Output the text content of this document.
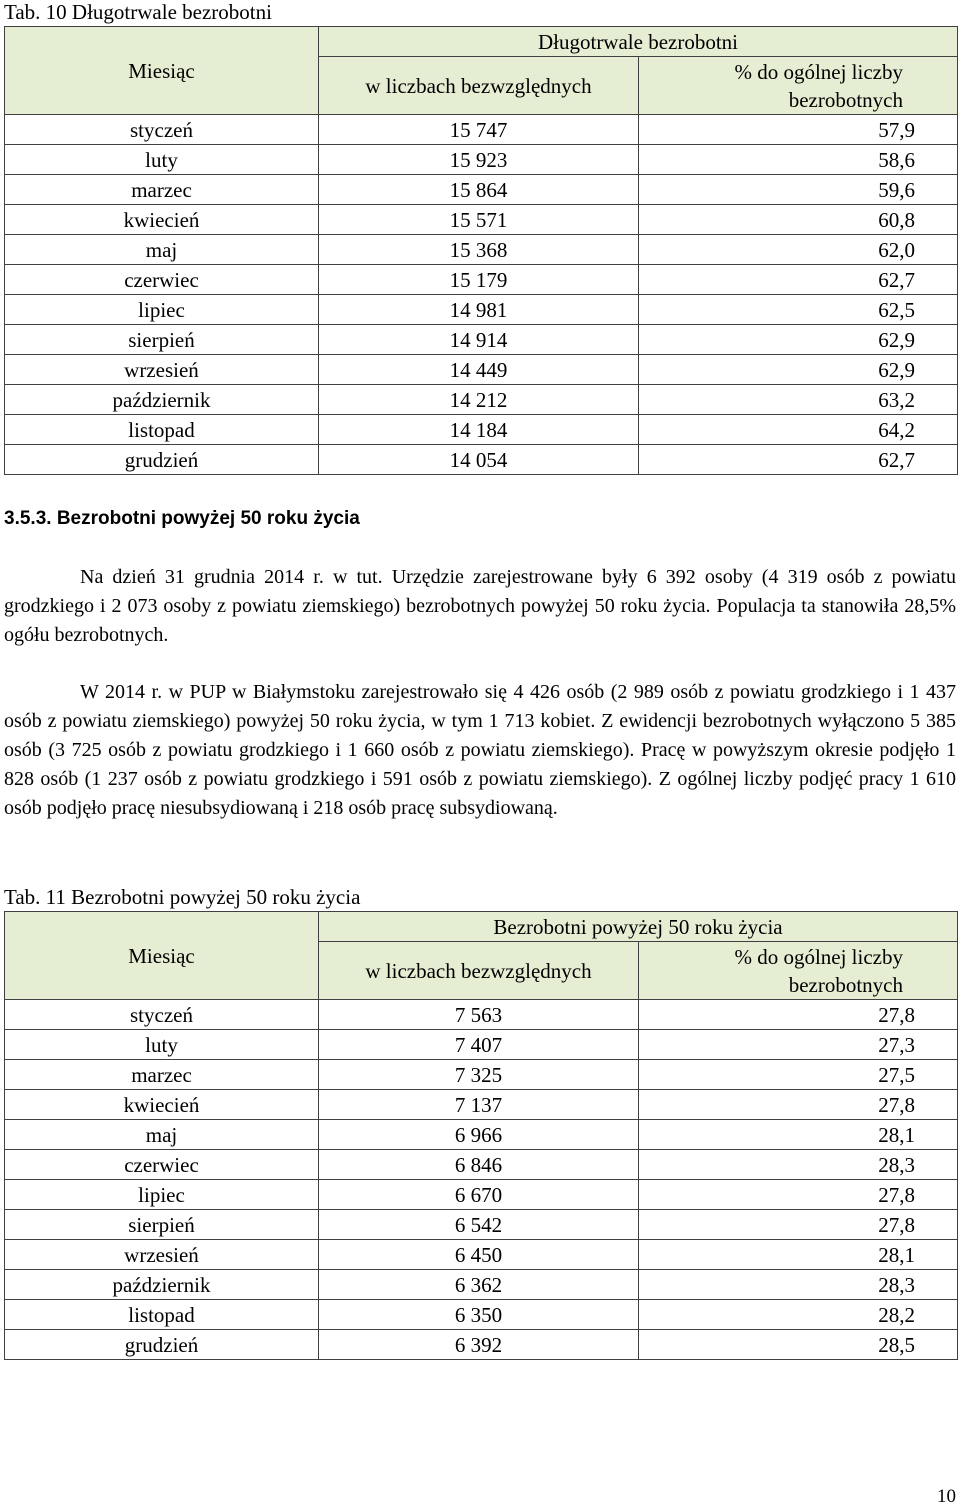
Tab. 10 Długotrwale bezrobotni
Miesiąc	Długotrwale bezrobotni	
	w liczbach bezwzględnych	% do ogólnej liczby bezrobotnych
styczeń	15 747	57,9
luty	15 923	58,6
marzec	15 864	59,6
kwiecień	15 571	60,8
maj	15 368	62,0
czerwiec	15 179	62,7
lipiec	14 981	62,5
sierpień	14 914	62,9
wrzesień	14 449	62,9
październik	14 212	63,2
listopad	14 184	64,2
grudzień	14 054	62,7
3.5.3. Bezrobotni powyżej 50 roku życia

Na dzień 31 grudnia 2014 r. w tut. Urzędzie zarejestrowane były 6 392 osoby (4 319 osób z powiatu grodzkiego i 2 073 osoby z powiatu ziemskiego) bezrobotnych powyżej 50 roku życia. Populacja ta stanowiła 28,5% ogółu bezrobotnych.

W 2014 r. w PUP w Białymstoku zarejestrowało się 4 426 osób (2 989 osób z powiatu grodzkiego i 1 437 osób z powiatu ziemskiego) powyżej 50 roku życia, w tym 1 713 kobiet. Z ewidencji bezrobotnych wyłączono 5 385 osób (3 725 osób z powiatu grodzkiego i 1 660 osób z powiatu ziemskiego). Pracę w powyższym okresie podjęło 1 828 osób (1 237 osób z powiatu grodzkiego i 591 osób z powiatu ziemskiego). Z ogólnej liczby podjęć pracy 1 610 osób podjęło pracę niesubsydiowaną i 218 osób pracę subsydiowaną.

Tab. 11 Bezrobotni powyżej 50 roku życia
Miesiąc	Bezrobotni powyżej 50 roku życia	
	w liczbach bezwzględnych	% do ogólnej liczby bezrobotnych
styczeń	7 563	27,8
luty	7 407	27,3
marzec	7 325	27,5
kwiecień	7 137	27,8
maj	6 966	28,1
czerwiec	6 846	28,3
lipiec	6 670	27,8
sierpień	6 542	27,8
wrzesień	6 450	28,1
październik	6 362	28,3
listopad	6 350	28,2
grudzień	6 392	28,5
10
